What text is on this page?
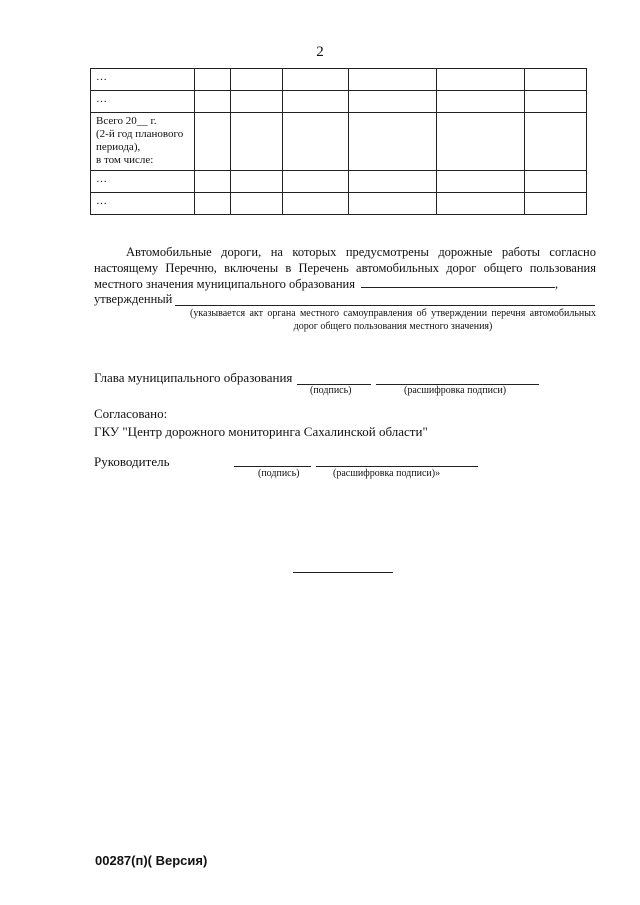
2
…							
…							
Всего 20__ г.
(2-й год планового периода),
в том числе:							
…							
…							
Автомобильные дороги, на которых предусмотрены дорожные работы согласно настоящему Перечню, включены в Перечень автомобильных дорог общего пользования местного значения муниципального образования	,
утвержденный
(указывается акт органа местного самоуправления об утверждении перечня автомобильных дорог общего пользования местного значения)
Глава муниципального образования
(подпись)	(расшифровка подписи)
Согласовано:
ГКУ "Центр дорожного мониторинга Сахалинской области"
Руководитель
(подпись)	(расшифровка подписи)»
00287(п)( Версия)
